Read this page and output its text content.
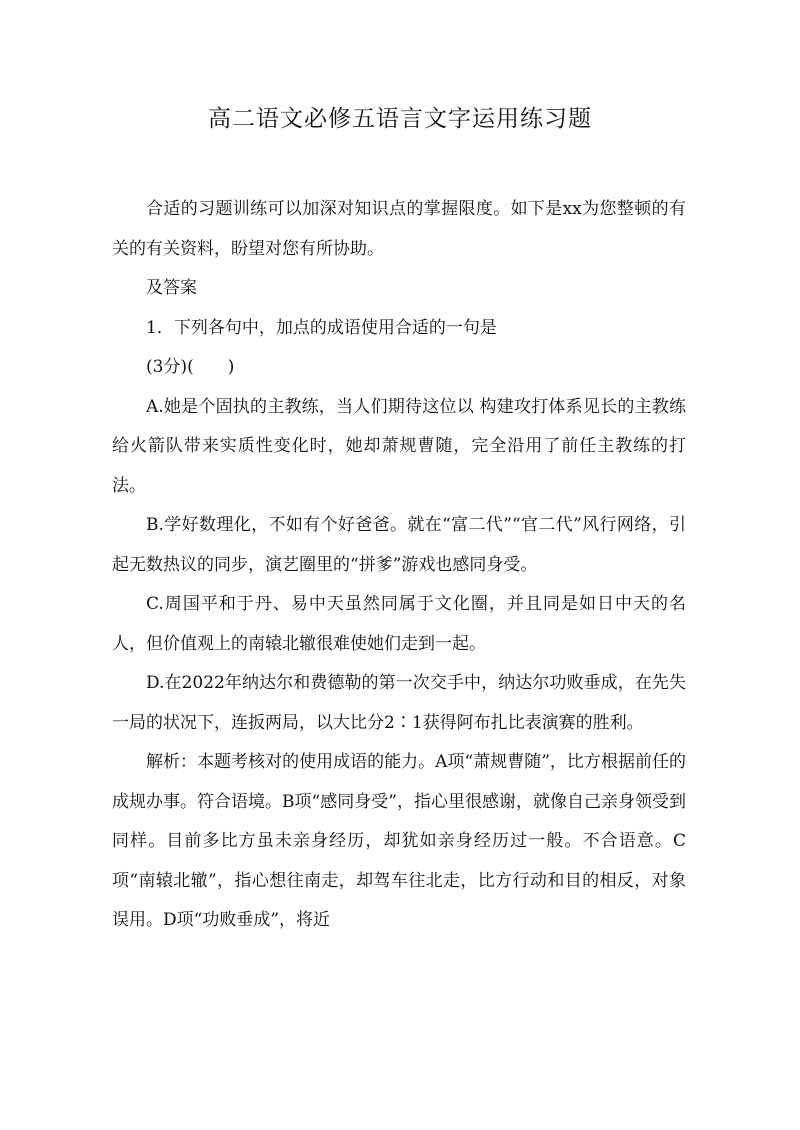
高二语文必修五语言文字运用练习题

合适的习题训练可以加深对知识点的掌握限度。如下是xx为您整顿的有关的有关资料，盼望对您有所协助。

及答案

1．下列各句中，加点的成语使用合适的一句是

(3分)(　　)

A.她是个固执的主教练，当人们期待这位以 构建攻打体系见长的主教练给火箭队带来实质性变化时，她却萧规曹随，完全沿用了前任主教练的打法。

B.学好数理化，不如有个好爸爸。就在“富二代”“官二代”风行网络，引起无数热议的同步，演艺圈里的“拼爹”游戏也感同身受。

C.周国平和于丹、易中天虽然同属于文化圈，并且同是如日中天的名人，但价值观上的南辕北辙很难使她们走到一起。

D.在2022年纳达尔和费德勒的第一次交手中，纳达尔功败垂成，在先失一局的状况下，连扳两局，以大比分2∶1获得阿布扎比表演赛的胜利。

解析：本题考核对的使用成语的能力。A项“萧规曹随”，比方根据前任的成规办事。符合语境。B项“感同身受”，指心里很感谢，就像自己亲身领受到同样。目前多比方虽未亲身经历，却犹如亲身经历过一般。不合语意。C项“南辕北辙”，指心想往南走，却驾车往北走，比方行动和目的相反，对象误用。D项“功败垂成”，将近
